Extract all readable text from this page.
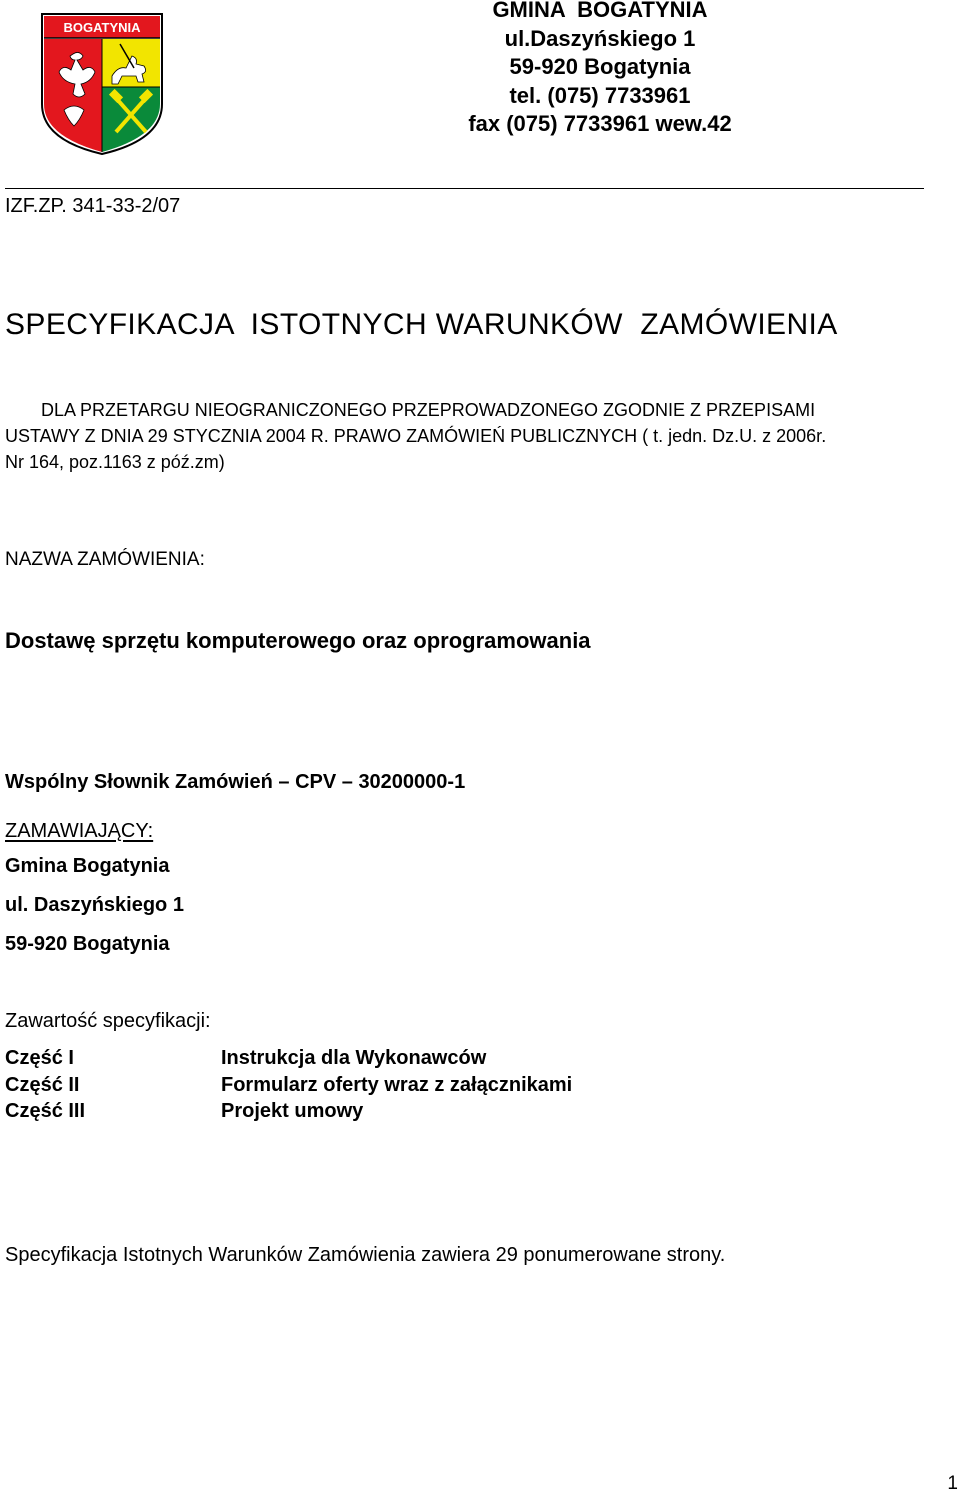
BOGATYNIA
GMINA  BOGATYNIA
ul.Daszyńskiego 1
59-920 Bogatynia
tel. (075) 7733961
fax (075) 7733961 wew.42
IZF.ZP. 341-33-2/07
SPECYFIKACJA  ISTOTNYCH WARUNKÓW  ZAMÓWIENIA
DLA PRZETARGU NIEOGRANICZONEGO PRZEPROWADZONEGO ZGODNIE Z PRZEPISAMI
USTAWY Z DNIA 29 STYCZNIA 2004 R. PRAWO ZAMÓWIEŃ PUBLICZNYCH ( t. jedn. Dz.U. z 2006r.
Nr 164, poz.1163 z póź.zm)
NAZWA ZAMÓWIENIA:
Dostawę sprzętu komputerowego oraz oprogramowania
Wspólny Słownik Zamówień – CPV – 30200000-1
ZAMAWIAJĄCY:
Gmina Bogatynia
ul. Daszyńskiego 1
59-920 Bogatynia
Zawartość specyfikacji:
Część I	Instrukcja dla Wykonawców
Część II	Formularz oferty wraz z załącznikami
Część III	Projekt umowy
Specyfikacja Istotnych Warunków Zamówienia zawiera 29 ponumerowane strony.
1
